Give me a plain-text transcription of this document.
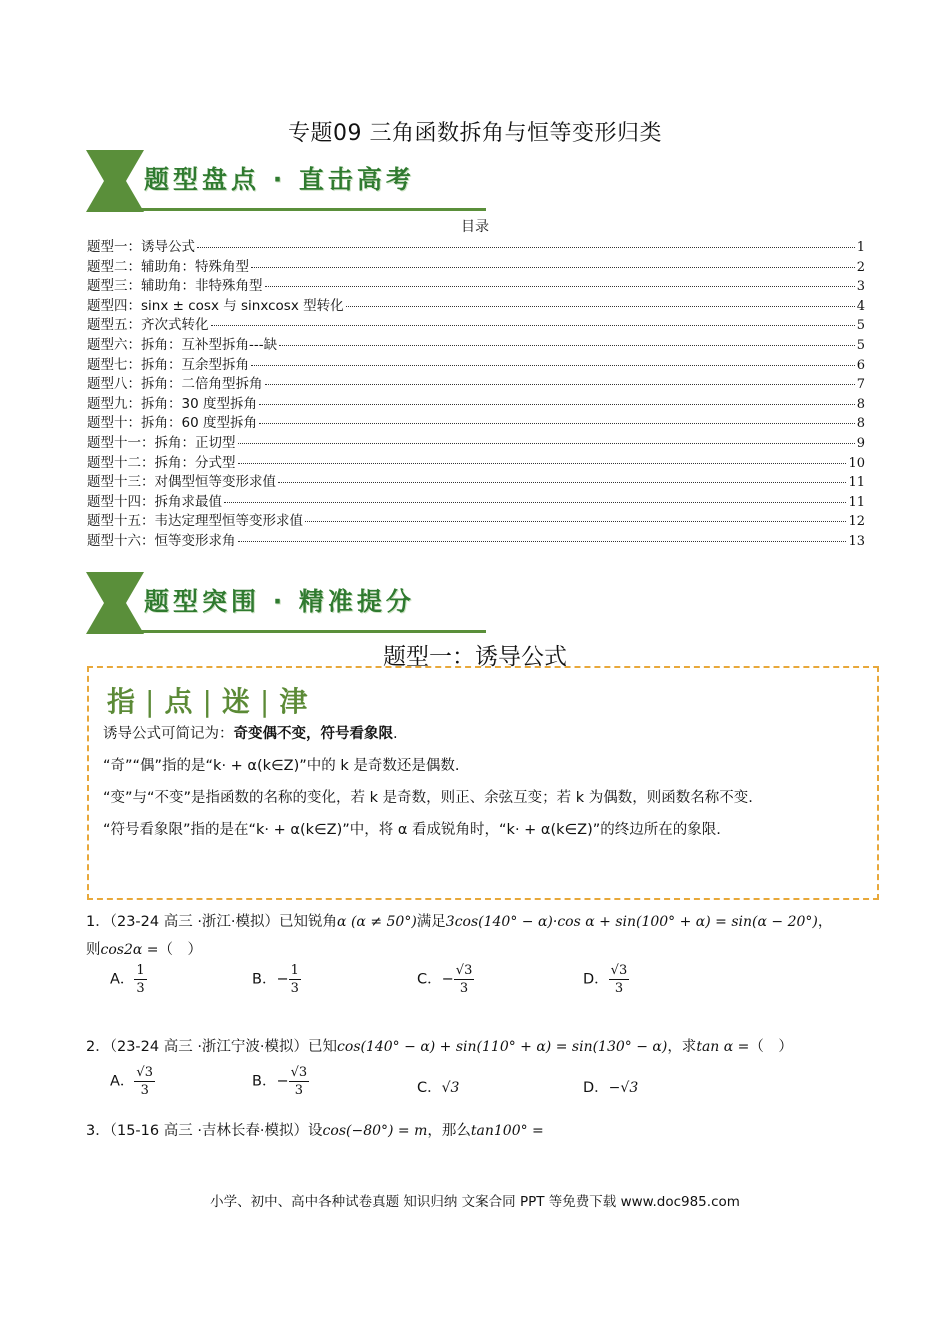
专题09 三角函数拆角与恒等变形归类
题型盘点 · 直击高考
目录
题型一：诱导公式	1
题型二：辅助角：特殊角型	2
题型三：辅助角：非特殊角型	3
题型四：sinx ± cosx 与 sinxcosx 型转化	4
题型五：齐次式转化	5
题型六：拆角：互补型拆角---缺	5
题型七：拆角：互余型拆角	6
题型八：拆角：二倍角型拆角	7
题型九：拆角：30 度型拆角	8
题型十：拆角：60 度型拆角	8
题型十一：拆角：正切型	9
题型十二：拆角：分式型	10
题型十三：对偶型恒等变形求值	11
题型十四：拆角求最值	11
题型十五：韦达定理型恒等变形求值	12
题型十六：恒等变形求角	13
题型突围 · 精准提分
题型一：诱导公式
指 | 点 | 迷 | 津
诱导公式可简记为：奇变偶不变，符号看象限.
“奇”“偶”指的是“k· + α(k∈Z)”中的 k 是奇数还是偶数.
“变”与“不变”是指函数的名称的变化，若 k 是奇数，则正、余弦互变；若 k 为偶数，则函数名称不变.
“符号看象限”指的是在“k· + α(k∈Z)”中，将 α 看成锐角时，“k· + α(k∈Z)”的终边所在的象限.
1．（23-24 高三 ·浙江·模拟）已知锐角α (α ≠ 50°)满足3cos(140° − α)·cos α + sin(100° + α) = sin(α − 20°)，
则cos2α =（　）
A． $\frac{1}{3}$	B．− $\frac{1}{3}$	C．− $\frac{√3}{3}$	D． $\frac{√3}{3}$
2．（23-24 高三 ·浙江宁波·模拟）已知cos(140° − α) + sin(110° + α) = sin(130° − α)，求tan α =（　）
A． $\frac{√3}{3}$	B．− $\frac{√3}{3}$	C．√3	D．−√3
3．（15-16 高三 ·吉林长春·模拟）设cos(−80°) = m，那么tan100° =
小学、初中、高中各种试卷真题 知识归纳 文案合同 PPT 等免费下载 www.doc985.com
